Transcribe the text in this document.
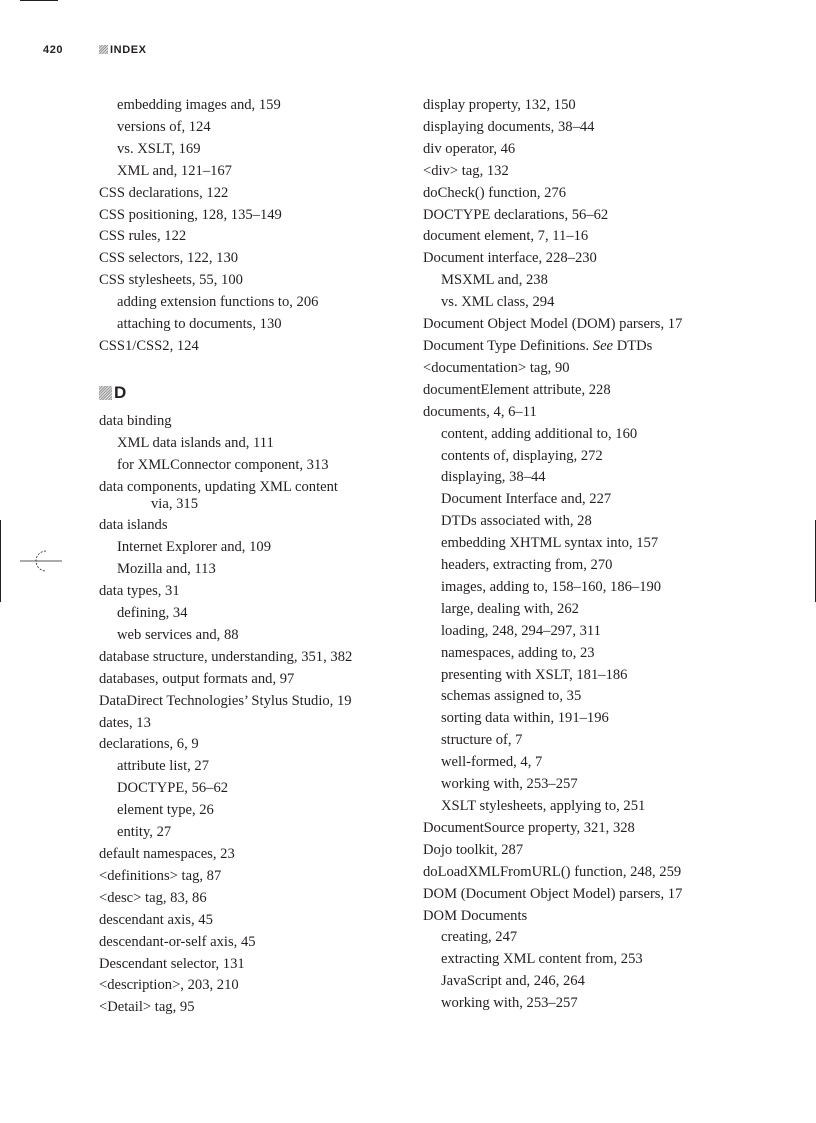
420	INDEX
embedding images and, 159
versions of, 124
vs. XSLT, 169
XML and, 121–167
CSS declarations, 122
CSS positioning, 128, 135–149
CSS rules, 122
CSS selectors, 122, 130
CSS stylesheets, 55, 100
adding extension functions to, 206
attaching to documents, 130
CSS1/CSS2, 124
D
data binding
XML data islands and, 111
for XMLConnector component, 313
data components, updating XML content
via, 315
data islands
Internet Explorer and, 109
Mozilla and, 113
data types, 31
defining, 34
web services and, 88
database structure, understanding, 351, 382
databases, output formats and, 97
DataDirect Technologies’ Stylus Studio, 19
dates, 13
declarations, 6, 9
attribute list, 27
DOCTYPE, 56–62
element type, 26
entity, 27
default namespaces, 23
<definitions> tag, 87
<desc> tag, 83, 86
descendant axis, 45
descendant-or-self axis, 45
Descendant selector, 131
<description>, 203, 210
<Detail> tag, 95
display property, 132, 150
displaying documents, 38–44
div operator, 46
<div> tag, 132
doCheck() function, 276
DOCTYPE declarations, 56–62
document element, 7, 11–16
Document interface, 228–230
MSXML and, 238
vs. XML class, 294
Document Object Model (DOM) parsers, 17
Document Type Definitions. See DTDs
<documentation> tag, 90
documentElement attribute, 228
documents, 4, 6–11
content, adding additional to, 160
contents of, displaying, 272
displaying, 38–44
Document Interface and, 227
DTDs associated with, 28
embedding XHTML syntax into, 157
headers, extracting from, 270
images, adding to, 158–160, 186–190
large, dealing with, 262
loading, 248, 294–297, 311
namespaces, adding to, 23
presenting with XSLT, 181–186
schemas assigned to, 35
sorting data within, 191–196
structure of, 7
well-formed, 4, 7
working with, 253–257
XSLT stylesheets, applying to, 251
DocumentSource property, 321, 328
Dojo toolkit, 287
doLoadXMLFromURL() function, 248, 259
DOM (Document Object Model) parsers, 17
DOM Documents
creating, 247
extracting XML content from, 253
JavaScript and, 246, 264
working with, 253–257
